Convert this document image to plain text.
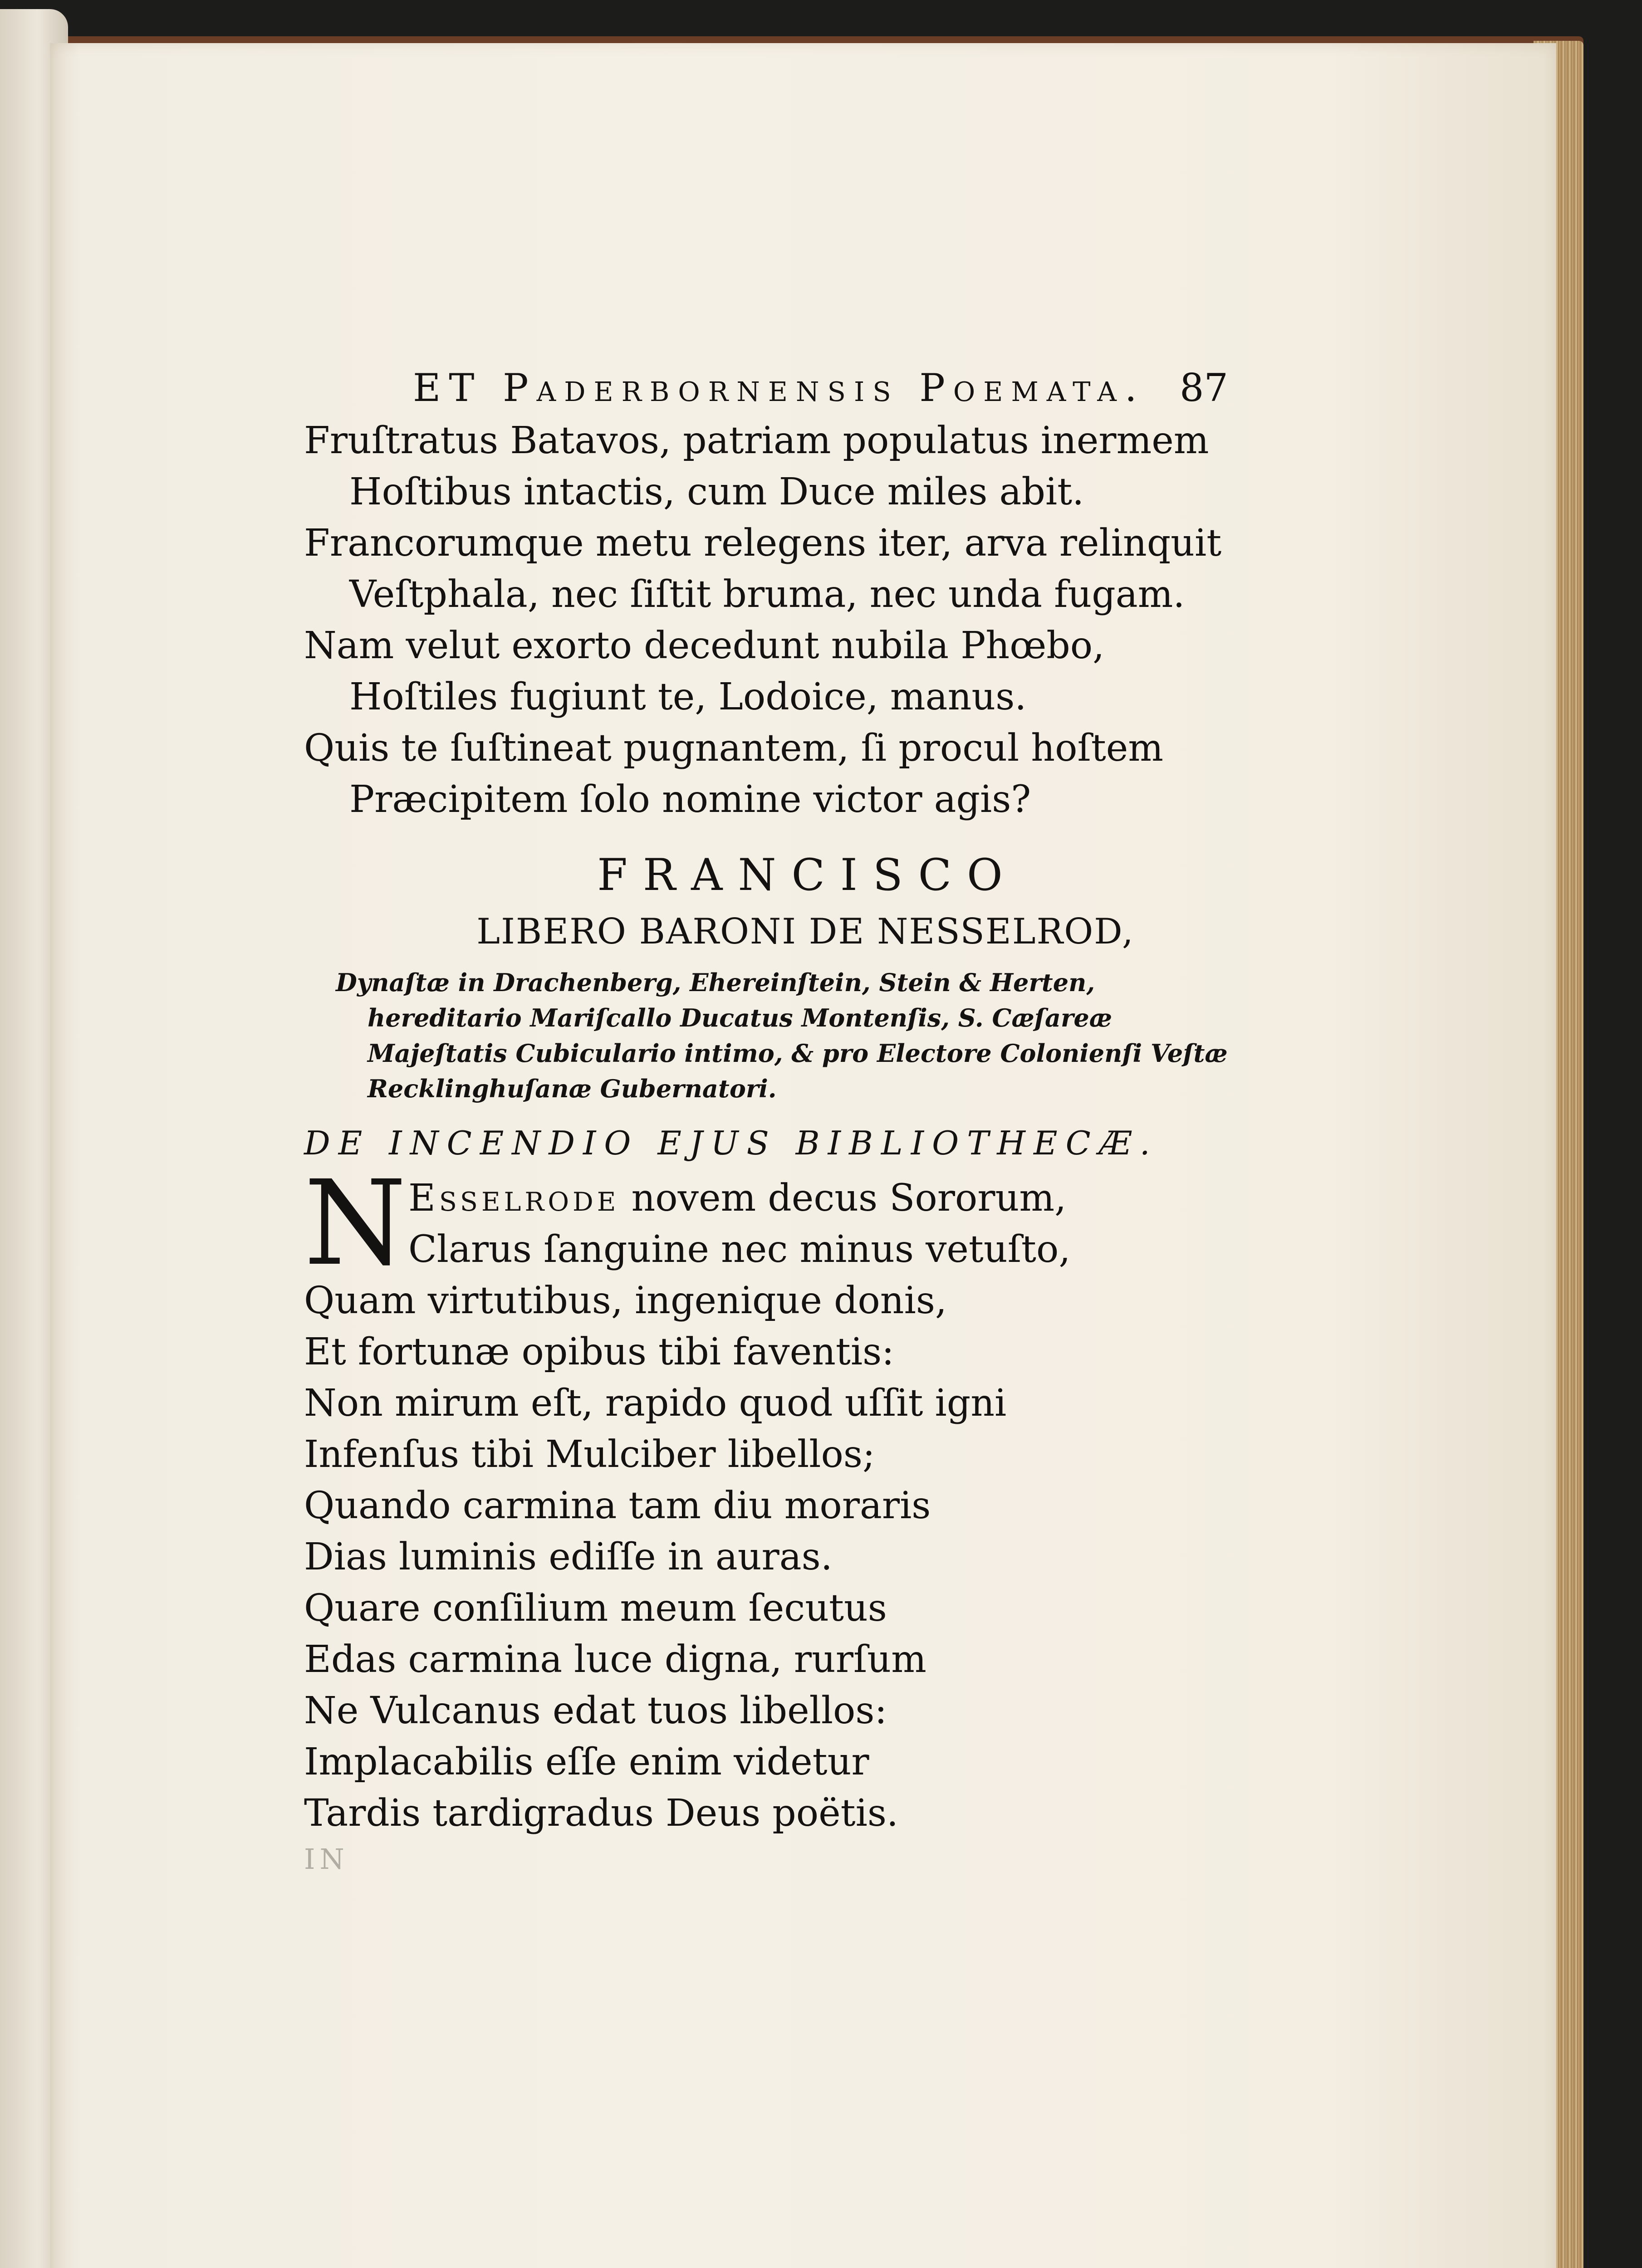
ET Paderbornensis Poemata. 87
Fruſtratus Batavos, patriam populatus inermem
Hoſtibus intactis, cum Duce miles abit.
Francorumque metu relegens iter, arva relinquit
Veſtphala, nec ſiſtit bruma, nec unda fugam.
Nam velut exorto decedunt nubila Phœbo,
Hoſtiles fugiunt te, Lodoice, manus.
Quis te ſuſtineat pugnantem, ſi procul hoſtem
Præcipitem ſolo nomine victor agis?
FRANCISCO
LIBERO BARONI DE NESSELROD,
Dynaſtæ in Drachenberg, Ehereinſtein, Stein & Herten, hereditario Mariſcallo Ducatus Montenſis, S. Cæſareæ Majeſtatis Cubiculario intimo, & pro Electore Colonienſi Veſtæ Recklinghuſanæ Gubernatori.
DE INCENDIO EJUS BIBLIOTHECÆ.
N Esselrode novem decus Sororum,
Clarus ſanguine nec minus vetuſto,
Quam virtutibus, ingenique donis,
Et fortunæ opibus tibi faventis:
Non mirum eſt, rapido quod uſſit igni
Infenſus tibi Mulciber libellos;
Quando carmina tam diu moraris
Dias luminis ediſſe in auras.
Quare conſilium meum ſecutus
Edas carmina luce digna, rurſum
Ne Vulcanus edat tuos libellos:
Implacabilis eſſe enim videtur
Tardis tardigradus Deus poëtis.
IN
